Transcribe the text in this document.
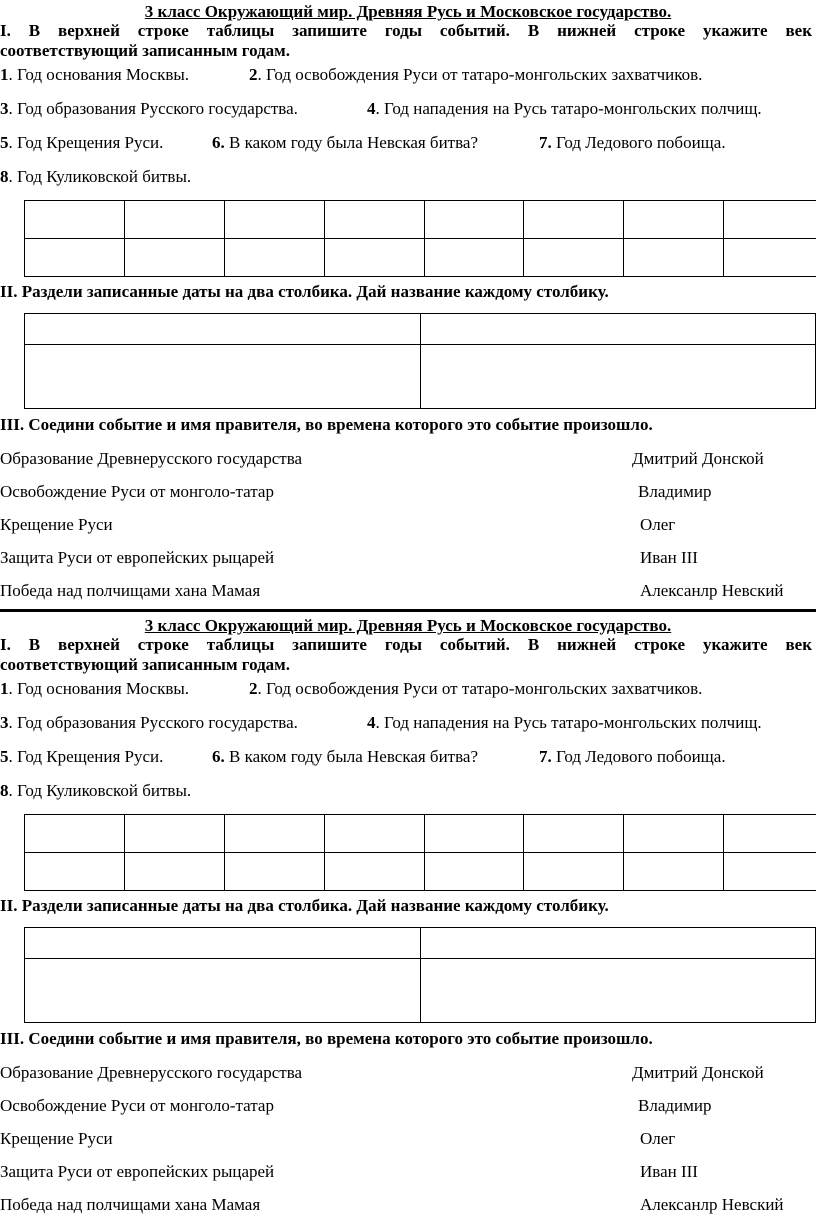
3 класс Окружающий мир. Древняя Русь и Московское государство.
I. В верхней строке таблицы запишите годы событий. В нижней строке укажите век
соответствующий записанным годам.
1. Год основания Москвы.	2. Год освобождения Руси от татаро-монгольских захватчиков.
3. Год образования Русского государства.	4. Год нападения на Русь татаро-монгольских полчищ.
5. Год Крещения Руси.	6. В каком году была Невская битва?	7. Год Ледового побоища.
8. Год Куликовской битвы.

II. Раздели записанные даты на два столбика. Дай название каждому столбику.

III. Соедини событие и имя правителя, во времена которого это событие произошло.
Образование Древнерусского государства	Дмитрий Донской
Освобождение Руси от монголо-татар	Владимир
Крещение Руси	Олег
Защита Руси от европейских рыцарей	Иван III
Победа над полчищами хана Мамая	Алексанлр Невский
3 класс Окружающий мир. Древняя Русь и Московское государство.
I. В верхней строке таблицы запишите годы событий. В нижней строке укажите век
соответствующий записанным годам.
1. Год основания Москвы.	2. Год освобождения Руси от татаро-монгольских захватчиков.
3. Год образования Русского государства.	4. Год нападения на Русь татаро-монгольских полчищ.
5. Год Крещения Руси.	6. В каком году была Невская битва?	7. Год Ледового побоища.
8. Год Куликовской битвы.

II. Раздели записанные даты на два столбика. Дай название каждому столбику.

III. Соедини событие и имя правителя, во времена которого это событие произошло.
Образование Древнерусского государства	Дмитрий Донской
Освобождение Руси от монголо-татар	Владимир
Крещение Руси	Олег
Защита Руси от европейских рыцарей	Иван III
Победа над полчищами хана Мамая	Алексанлр Невский
